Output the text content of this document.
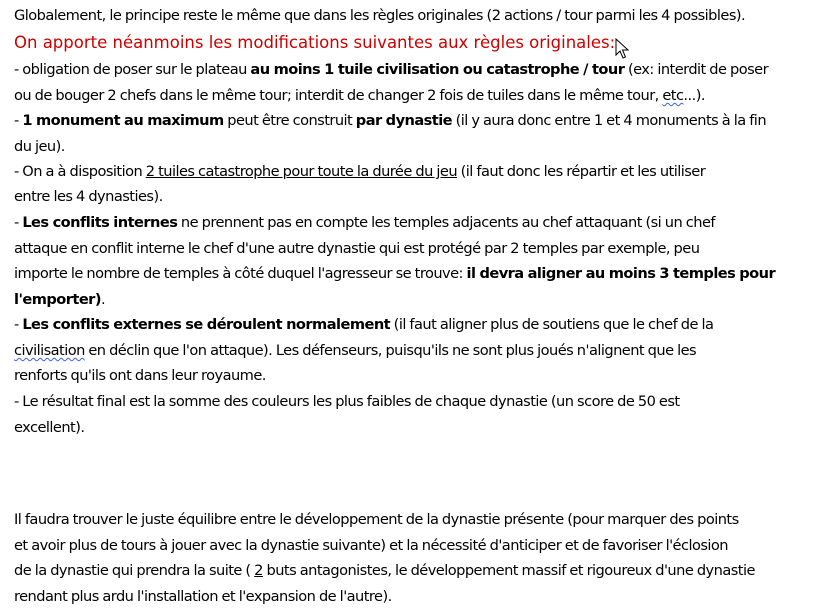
Globalement, le principe reste le même que dans les règles originales (2 actions / tour parmi les 4 possibles).
On apporte néanmoins les modifications suivantes aux règles originales:
- obligation de poser sur le plateau au moins 1 tuile civilisation ou catastrophe / tour (ex: interdit de poser
ou de bouger 2 chefs dans le même tour; interdit de changer 2 fois de tuiles dans le même tour, etc...).
- 1 monument au maximum peut être construit par dynastie (il y aura donc entre 1 et 4 monuments à la fin
du jeu).
- On a à disposition 2 tuiles catastrophe pour toute la durée du jeu (il faut donc les répartir et les utiliser
entre les 4 dynasties).
- Les conflits internes ne prennent pas en compte les temples adjacents au chef attaquant (si un chef
attaque en conflit interne le chef d'une autre dynastie qui est protégé par 2 temples par exemple, peu
importe le nombre de temples à côté duquel l'agresseur se trouve: il devra aligner au moins 3 temples pour
l'emporter).
- Les conflits externes se déroulent normalement (il faut aligner plus de soutiens que le chef de la
civilisation en déclin que l'on attaque). Les défenseurs, puisqu'ils ne sont plus joués n'alignent que les
renforts qu'ils ont dans leur royaume.
- Le résultat final est la somme des couleurs les plus faibles de chaque dynastie (un score de 50 est
excellent).
Il faudra trouver le juste équilibre entre le développement de la dynastie présente (pour marquer des points
et avoir plus de tours à jouer avec la dynastie suivante) et la nécessité d'anticiper et de favoriser l'éclosion
de la dynastie qui prendra la suite ( 2 buts antagonistes, le développement massif et rigoureux d'une dynastie
rendant plus ardu l'installation et l'expansion de l'autre).
